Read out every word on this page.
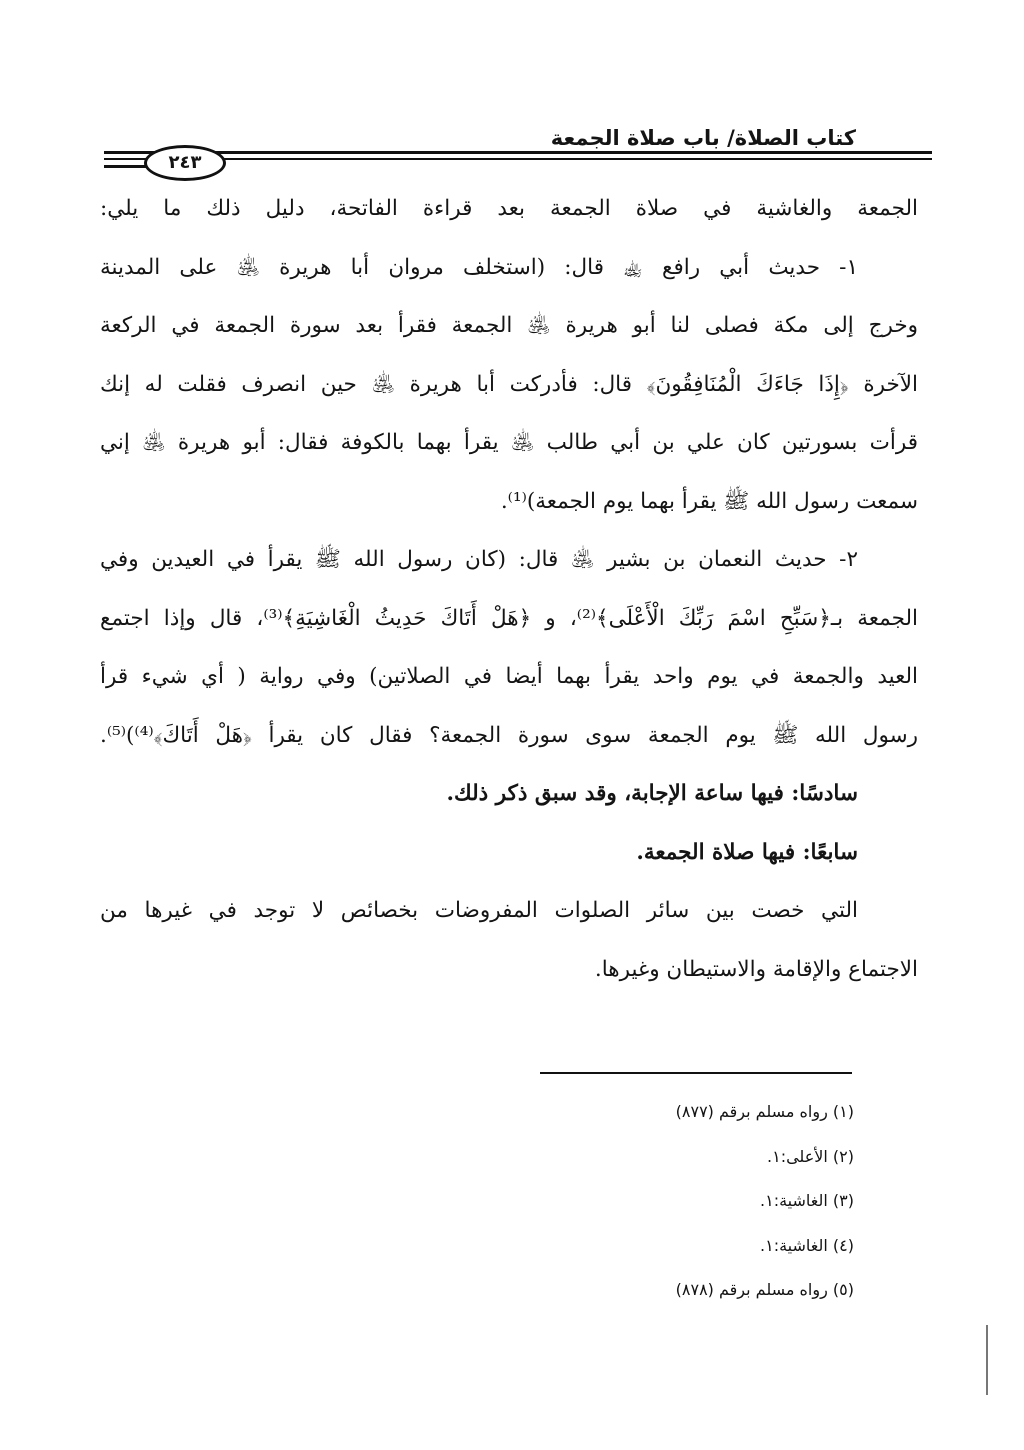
كتاب الصلاة/ باب صلاة الجمعة
٢٤٣
الجمعة والغاشية في صلاة الجمعة بعد قراءة الفاتحة، دليل ذلك ما يلي:
١- حديث أبي رافع ﵀ قال: (استخلف مروان أبا هريرة ﵁ على المدينة
وخرج إلى مكة فصلى لنا أبو هريرة ﵁ الجمعة فقرأ بعد سورة الجمعة في الركعة
الآخرة ﴿إِذَا جَاءَكَ الْمُنَافِقُونَ﴾ قال: فأدركت أبا هريرة ﵁ حين انصرف فقلت له إنك
قرأت بسورتين كان علي بن أبي طالب ﵁ يقرأ بهما بالكوفة فقال: أبو هريرة ﵁ إني
سمعت رسول الله ﷺ يقرأ بهما يوم الجمعة)⁽¹⁾.
٢- حديث النعمان بن بشير ﵁ قال: (كان رسول الله ﷺ يقرأ في العيدين وفي
الجمعة بـ﴿سَبِّحِ اسْمَ رَبِّكَ الْأَعْلَى﴾⁽²⁾، و ﴿هَلْ أَتَاكَ حَدِيثُ الْغَاشِيَةِ﴾⁽³⁾، قال وإذا اجتمع
العيد والجمعة في يوم واحد يقرأ بهما أيضا في الصلاتين) وفي رواية ( أي شيء قرأ
رسول الله ﷺ يوم الجمعة سوى سورة الجمعة؟ فقال كان يقرأ ﴿هَلْ أَتَاكَ﴾⁽⁴⁾)⁽⁵⁾.
سادسًا: فيها ساعة الإجابة، وقد سبق ذكر ذلك.
سابعًا: فيها صلاة الجمعة.
التي خصت بين سائر الصلوات المفروضات بخصائص لا توجد في غيرها من
الاجتماع والإقامة والاستيطان وغيرها.
(١) رواه مسلم برقم (٨٧٧)
(٢) الأعلى:١.
(٣) الغاشية:١.
(٤) الغاشية:١.
(٥) رواه مسلم برقم (٨٧٨)
